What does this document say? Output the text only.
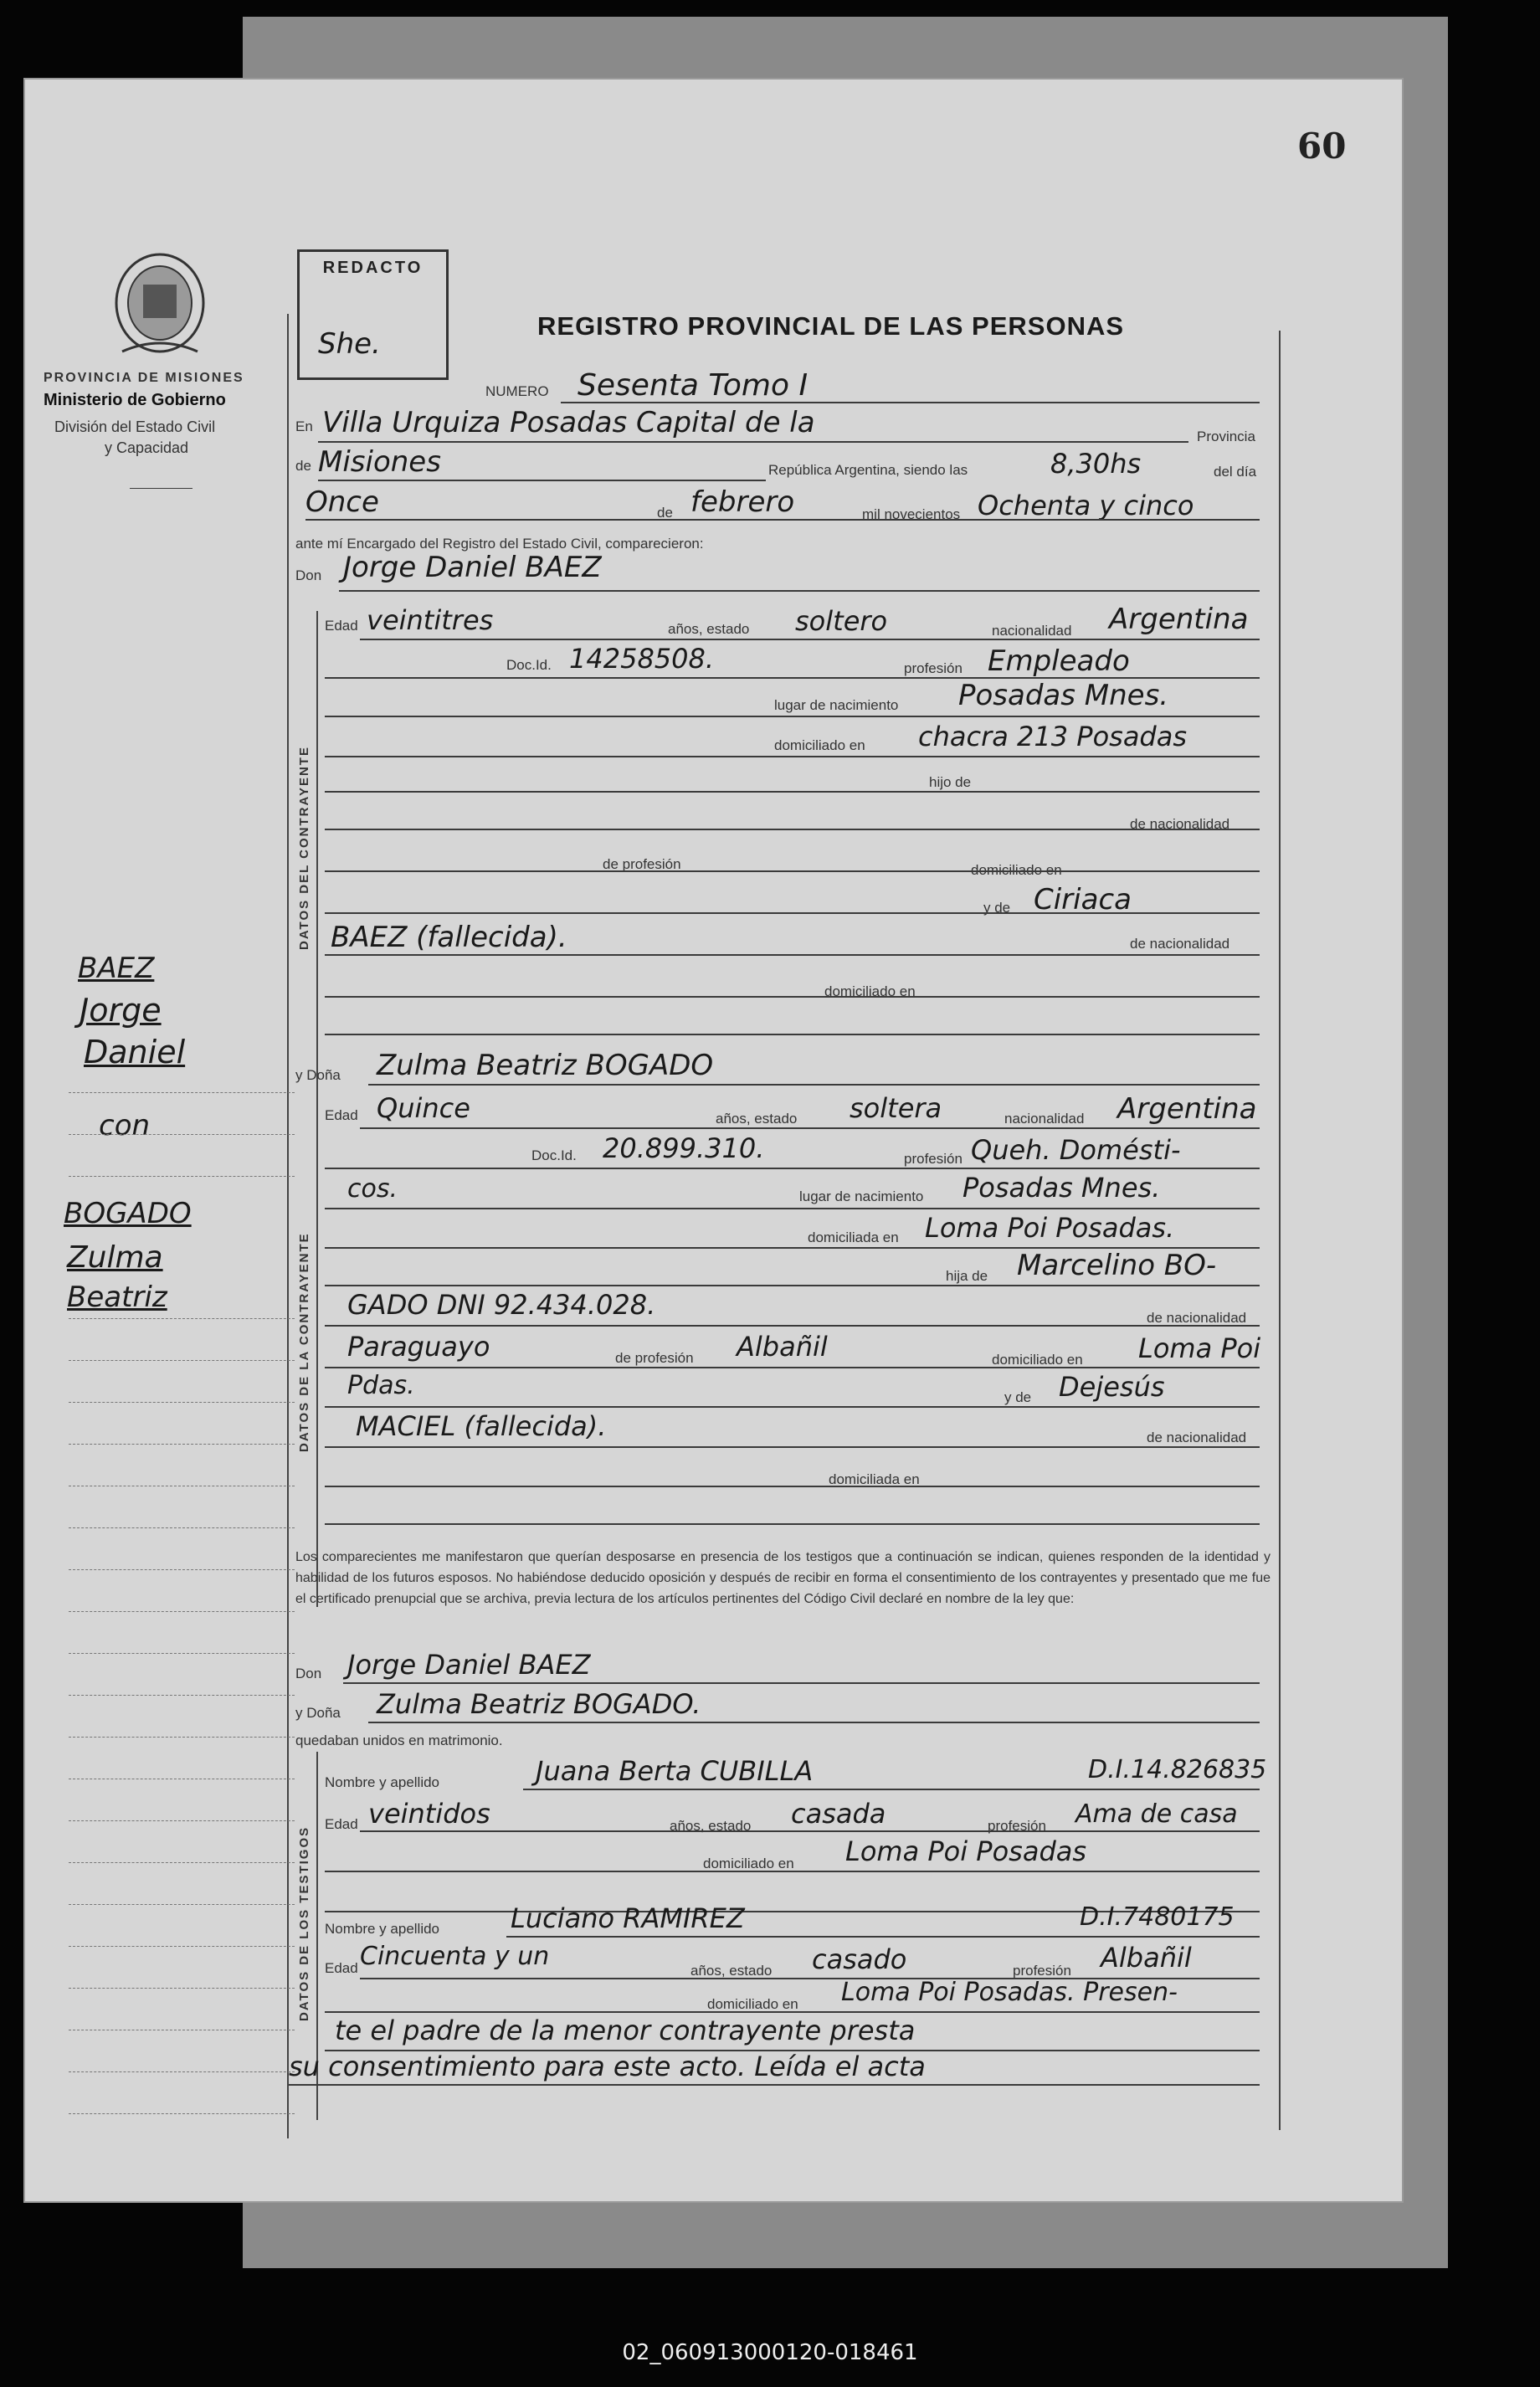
60
PROVINCIA DE MISIONES
Ministerio de Gobierno
División del Estado Civil
y Capacidad
REDACTO
She.
REGISTRO PROVINCIAL DE LAS PERSONAS
BAEZ
Jorge
Daniel
con
BOGADO
Zulma
Beatriz
NUMERO Sesenta Tomo I
En Villa Urquiza Posadas Capital de la	Provincia
de Misiones	República Argentina, siendo las	8,30hs	del día
Once	de febrero	mil novecientos Ochenta y cinco
ante mí Encargado del Registro del Estado Civil, comparecieron:
Don Jorge Daniel BAEZ
DATOS DEL CONTRAYENTE
Edad veintitres	años, estado soltero	nacionalidad Argentina
Doc.Id. 14258508.	profesión Empleado
lugar de nacimiento Posadas Mnes.
domiciliado en chacra 213 Posadas
hijo de
de nacionalidad
de profesión	domiciliado en
y de Ciriaca
BAEZ (fallecida).	de nacionalidad
domiciliado en
y Doña Zulma Beatriz BOGADO
DATOS DE LA CONTRAYENTE
Edad Quince	años, estado soltera	nacionalidad Argentina
Doc.Id. 20.899.310.	profesión Queh. Domésti-
cos.	lugar de nacimiento Posadas Mnes.
domiciliada en Loma Poi Posadas.
hija de Marcelino BO-
GADO DNI 92.434.028.	de nacionalidad
Paraguayo	de profesión Albañil	domiciliado en Loma Poi
Pdas.	y de Dejesús
MACIEL (fallecida).	de nacionalidad
domiciliada en
Los comparecientes me manifestaron que querían desposarse en presencia de los testigos que a continuación se indican, quienes responden de la identidad y habilidad de los futuros esposos. No habiéndose deducido oposición y después de recibir en forma el consentimiento de los contrayentes y presentado que me fue el certificado prenupcial que se archiva, previa lectura de los artículos pertinentes del Código Civil declaré en nombre de la ley que:
Don Jorge Daniel BAEZ
y Doña Zulma Beatriz BOGADO.
quedaban unidos en matrimonio.
DATOS DE LOS TESTIGOS
Nombre y apellido	Juana Berta CUBILLA	D.I.14.826835
Edad veintidos	años, estado casada	profesión Ama de casa
domiciliado en Loma Poi Posadas
Nombre y apellido	Luciano RAMIREZ	D.I.7480175
Edad Cincuenta y un	años, estado casado	profesión Albañil
domiciliado en Loma Poi Posadas. Presen-
te el padre de la menor contrayente presta
su consentimiento para este acto. Leída el acta
02_060913000120-018461
